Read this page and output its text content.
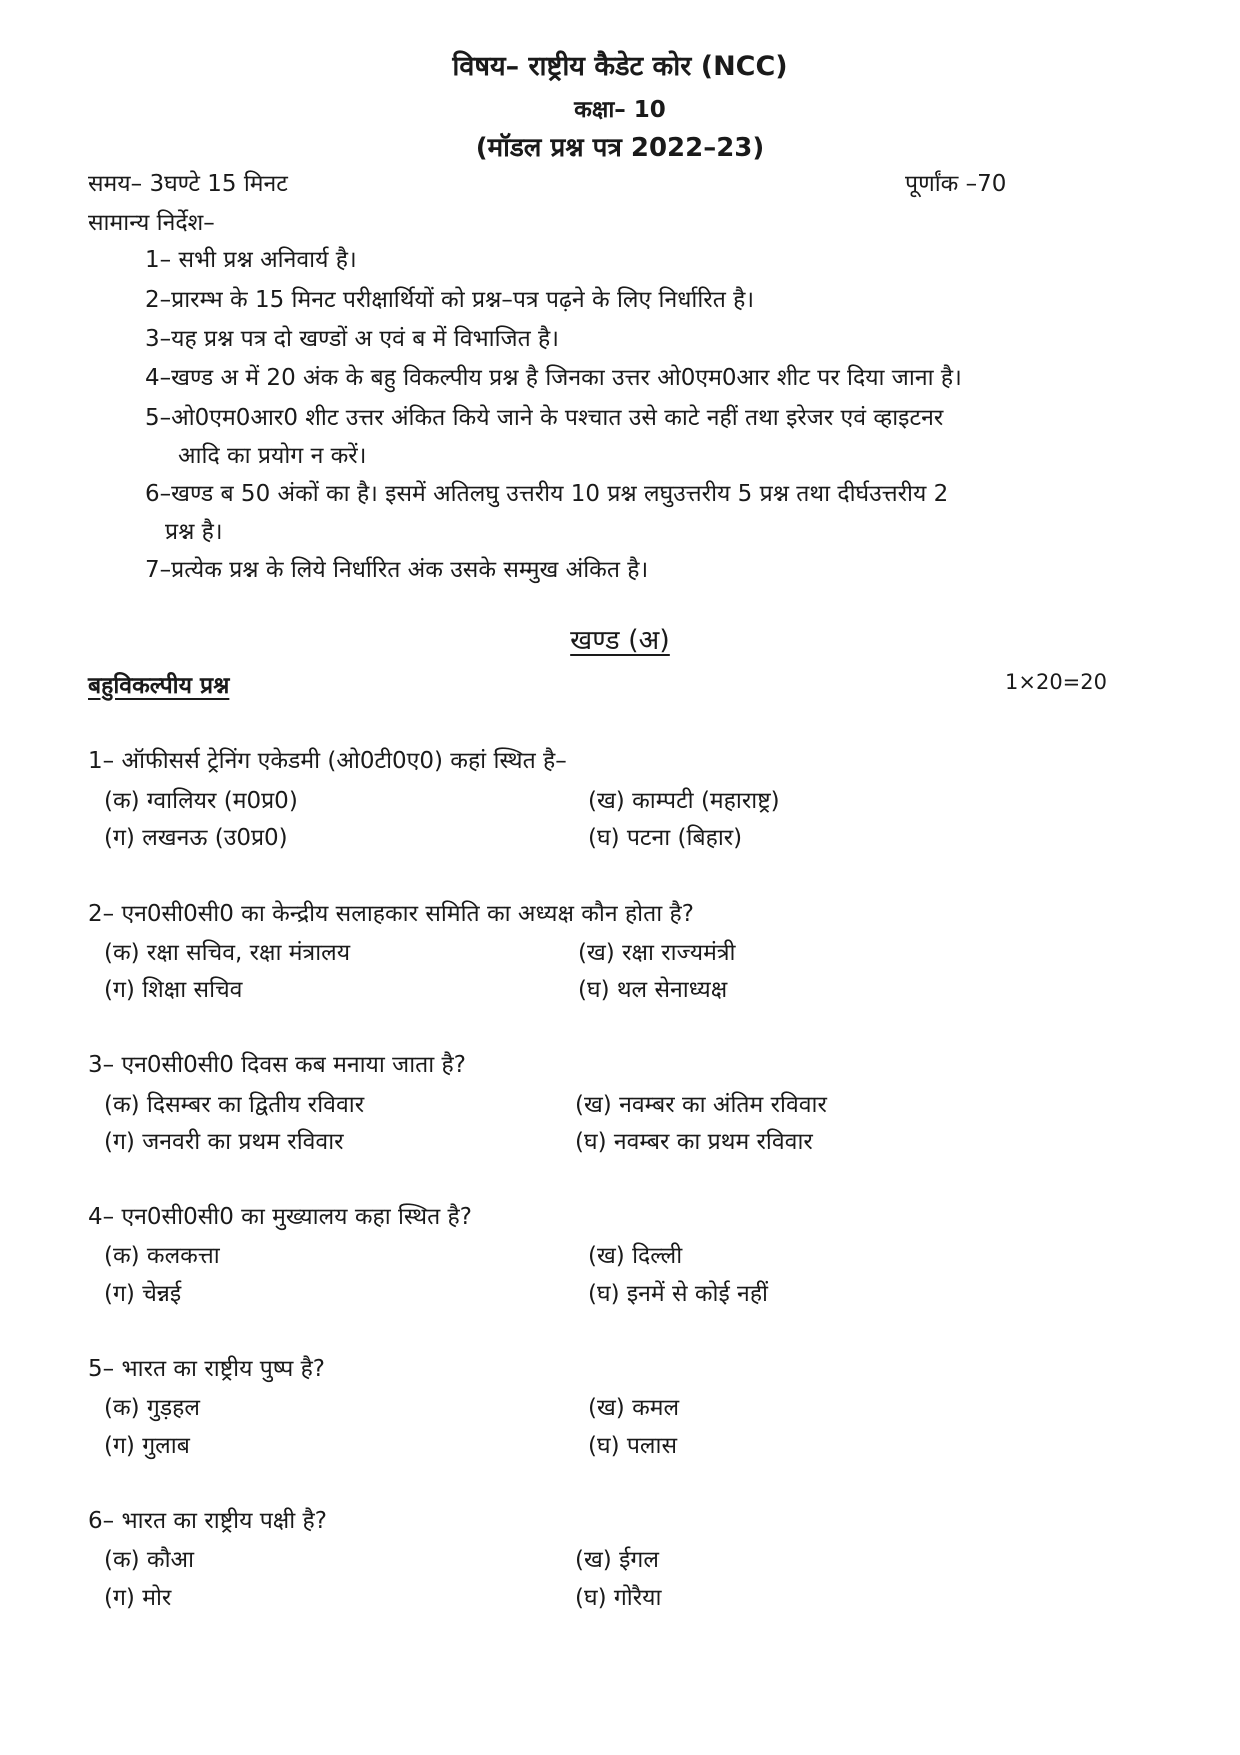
विषय– राष्ट्रीय कैडेट कोर (NCC)
कक्षा– 10
(मॉडल प्रश्न पत्र 2022–23)
समय– 3घण्टे 15 मिनट	पूर्णांक –70
सामान्य निर्देश–
1– सभी प्रश्न अनिवार्य है।
2–प्रारम्भ के 15 मिनट परीक्षार्थियों को प्रश्न–पत्र पढ़ने के लिए निर्धारित है।
3–यह प्रश्न पत्र दो खण्डों अ एवं ब में विभाजित है।
4–खण्ड अ में 20 अंक के बहु विकल्पीय प्रश्न है जिनका उत्तर ओ0एम0आर शीट पर दिया जाना है।
5–ओ0एम0आर0 शीट उत्तर अंकित किये जाने के पश्चात उसे काटे नहीं तथा इरेजर एवं व्हाइटनर
आदि का प्रयोग न करें।
6–खण्ड ब 50 अंकों का है। इसमें अतिलघु उत्तरीय 10 प्रश्न लघुउत्तरीय 5 प्रश्न तथा दीर्घउत्तरीय 2
प्रश्न है।
7–प्रत्येक प्रश्न के लिये निर्धारित अंक उसके सम्मुख अंकित है।
खण्ड (अ)
बहुविकल्पीय प्रश्न	1×20=20
1– ऑफीसर्स ट्रेनिंग एकेडमी (ओ0टी0ए0) कहां स्थित है–
(क) ग्वालियर (म0प्र0)	(ख) काम्पटी (महाराष्ट्र)
(ग) लखनऊ (उ0प्र0)	(घ) पटना (बिहार)
2– एन0सी0सी0 का केन्द्रीय सलाहकार समिति का अध्यक्ष कौन होता है?
(क) रक्षा सचिव, रक्षा मंत्रालय	(ख) रक्षा राज्यमंत्री
(ग) शिक्षा सचिव	(घ) थल सेनाध्यक्ष
3– एन0सी0सी0 दिवस कब मनाया जाता है?
(क) दिसम्बर का द्वितीय रविवार	(ख) नवम्बर का अंतिम रविवार
(ग) जनवरी का प्रथम रविवार	(घ) नवम्बर का प्रथम रविवार
4– एन0सी0सी0 का मुख्यालय कहा स्थित है?
(क) कलकत्ता	(ख) दिल्ली
(ग) चेन्नई	(घ) इनमें से कोई नहीं
5– भारत का राष्ट्रीय पुष्प है?
(क) गुड़हल	(ख) कमल
(ग) गुलाब	(घ) पलास
6– भारत का राष्ट्रीय पक्षी है?
(क) कौआ	(ख) ईगल
(ग) मोर	(घ) गोरैया
